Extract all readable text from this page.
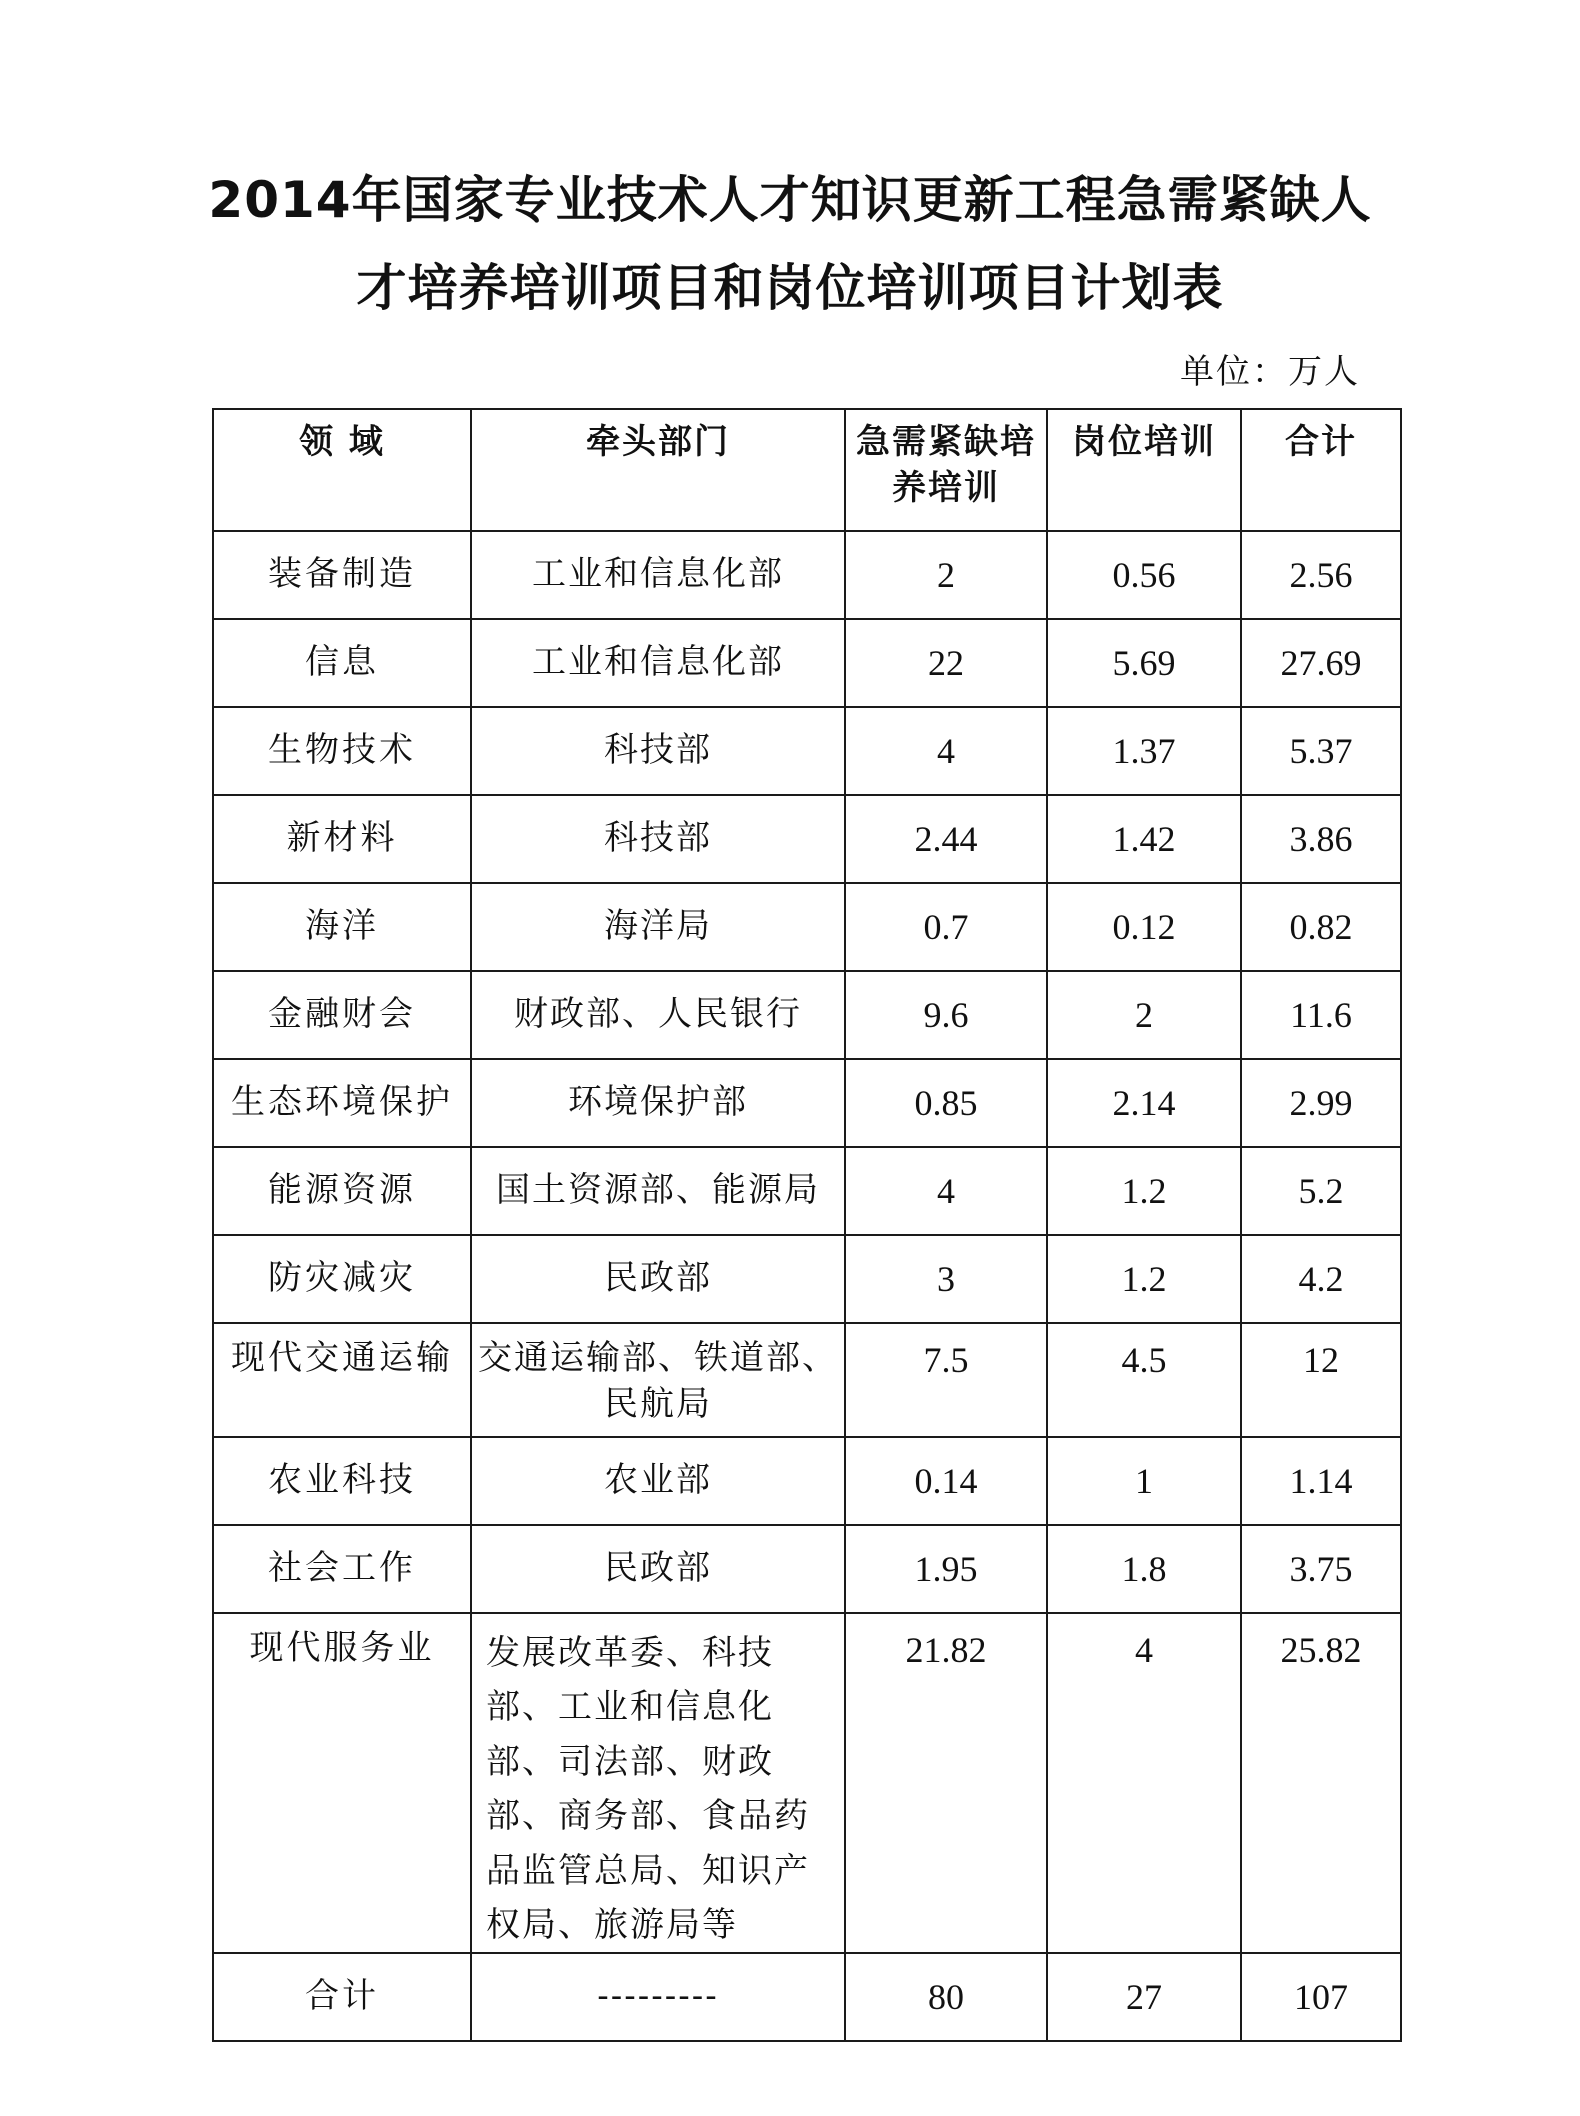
2014年国家专业技术人才知识更新工程急需紧缺人
才培养培训项目和岗位培训项目计划表
单位：万人
领 域	牵头部门	急需紧缺培养培训	岗位培训	合计
装备制造	工业和信息化部	2	0.56	2.56
信息	工业和信息化部	22	5.69	27.69
生物技术	科技部	4	1.37	5.37
新材料	科技部	2.44	1.42	3.86
海洋	海洋局	0.7	0.12	0.82
金融财会	财政部、人民银行	9.6	2	11.6
生态环境保护	环境保护部	0.85	2.14	2.99
能源资源	国土资源部、能源局	4	1.2	5.2
防灾减灾	民政部	3	1.2	4.2
现代交通运输	交通运输部、铁道部、民航局	7.5	4.5	12
农业科技	农业部	0.14	1	1.14
社会工作	民政部	1.95	1.8	3.75
现代服务业	发展改革委、科技部、工业和信息化部、司法部、财政部、商务部、食品药品监管总局、知识产权局、旅游局等	21.82	4	25.82
合计	---------	80	27	107
